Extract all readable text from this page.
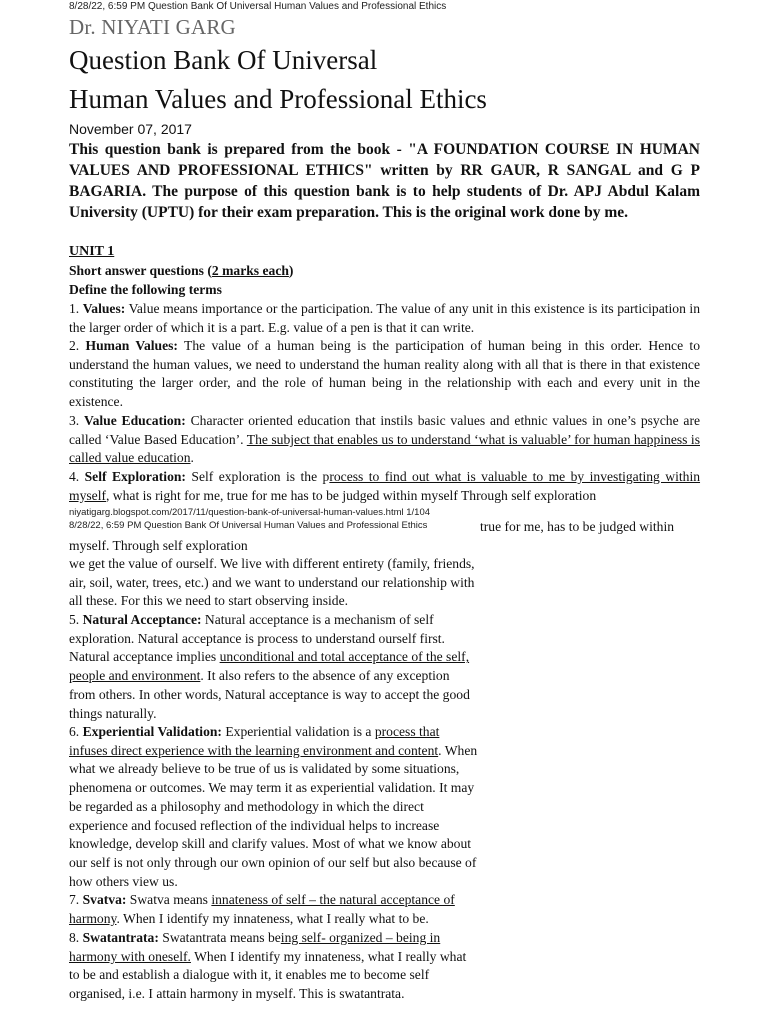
8/28/22, 6:59 PM Question Bank Of Universal Human Values and Professional Ethics
Dr. NIYATI GARG
Question Bank Of Universal
Human Values and Professional Ethics
November 07, 2017

This question bank is prepared from the book - "A FOUNDATION COURSE IN HUMAN VALUES AND PROFESSIONAL ETHICS" written by RR GAUR, R SANGAL and G P BAGARIA. The purpose of this question bank is to help students of Dr. APJ Abdul Kalam University (UPTU) for their exam preparation. This is the original work done by me.

UNIT 1

Short answer questions (2 marks each)

Define the following terms

1. Values: Value means importance or the participation. The value of any unit in this existence is its participation in the larger order of which it is a part. E.g. value of a pen is that it can write.

2. Human Values: The value of a human being is the participation of human being in this order. Hence to understand the human values, we need to understand the human reality along with all that is there in that existence constituting the larger order, and the role of human being in the relationship with each and every unit in the existence.

3. Value Education: Character oriented education that instils basic values and ethnic values in one’s psyche are called ‘Value Based Education’. The subject that enables us to understand ‘what is valuable’ for human happiness is called value education.

4. Self Exploration: Self exploration is the process to find out what is valuable to me by investigating within myself, what is right for me, true for me has to be judged within myself Through self exploration

niyatigarg.blogspot.com/2017/11/question-bank-of-universal-human-values.html 1/104
8/28/22, 6:59 PM Question Bank Of Universal Human Values and Professional Ethics	true for me, has to be judged within

myself. Through self exploration

we get the value of ourself. We live with different entirety (family, friends, air, soil, water, trees, etc.) and we want to understand our relationship with all these. For this we need to start observing inside.

5. Natural Acceptance: Natural acceptance is a mechanism of self exploration. Natural acceptance is process to understand ourself first. Natural acceptance implies unconditional and total acceptance of the self, people and environment. It also refers to the absence of any exception from others. In other words, Natural acceptance is way to accept the good things naturally.

6. Experiential Validation: Experiential validation is a process that infuses direct experience with the learning environment and content. When what we already believe to be true of us is validated by some situations, phenomena or outcomes. We may term it as experiential validation. It may be regarded as a philosophy and methodology in which the direct experience and focused reflection of the individual helps to increase knowledge, develop skill and clarify values. Most of what we know about our self is not only through our own opinion of our self but also because of how others view us.

7. Svatva: Swatva means innateness of self – the natural acceptance of harmony. When I identify my innateness, what I really what to be.

8. Swatantrata: Swatantrata means being self- organized – being in harmony with oneself. When I identify my innateness, what I really what to be and establish a dialogue with it, it enables me to become self organised, i.e. I attain harmony in myself. This is swatantrata.
